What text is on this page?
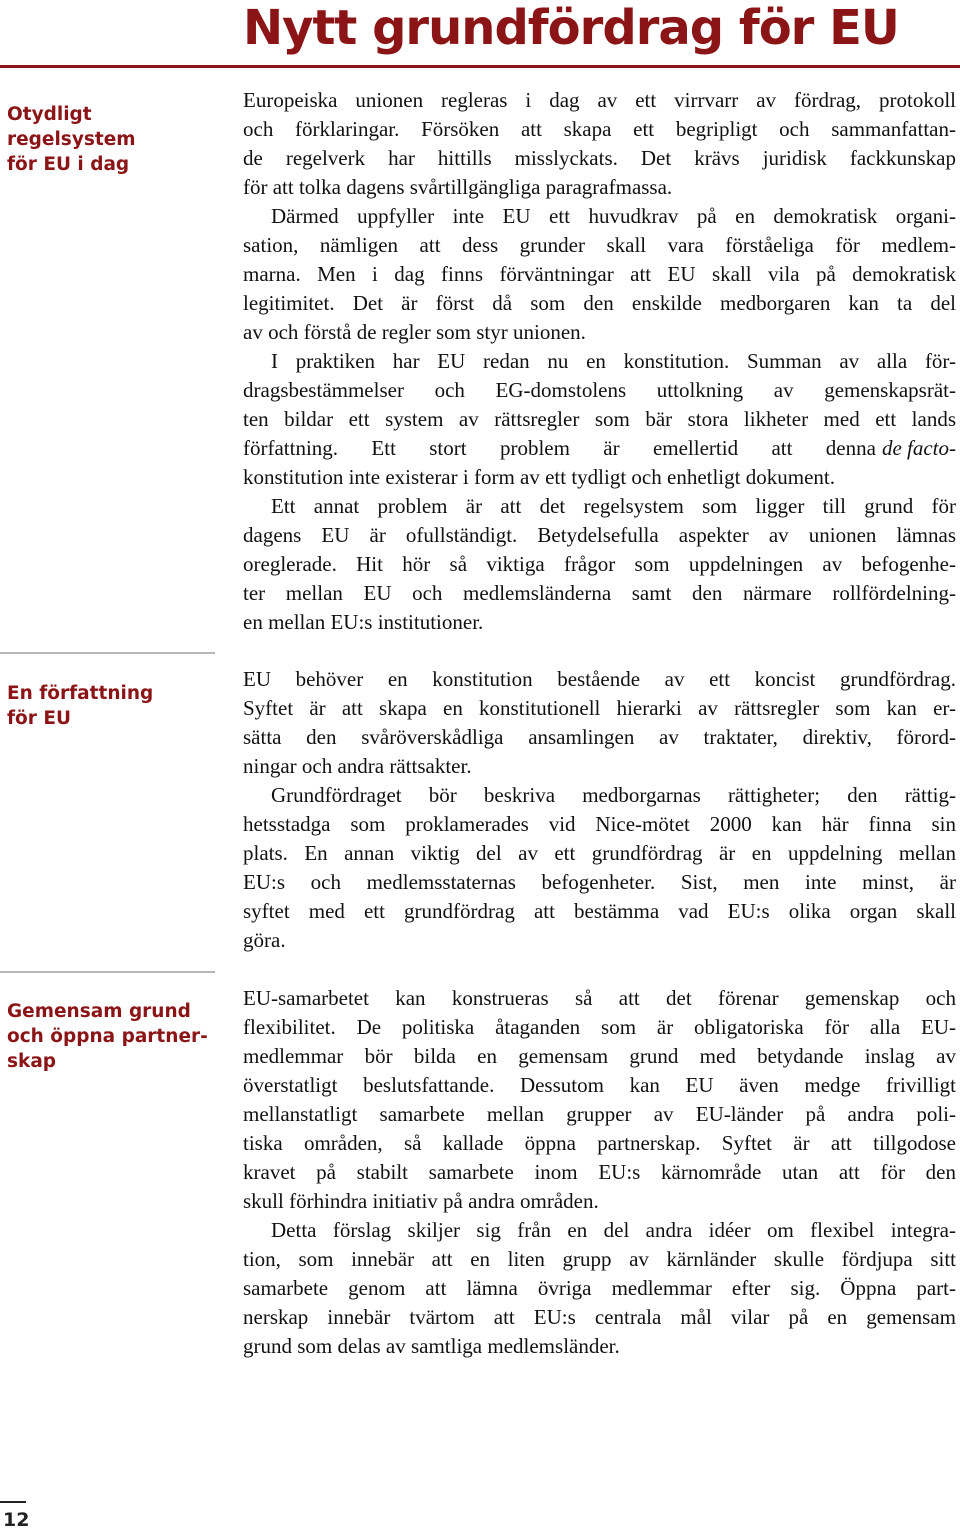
Nytt grundfördrag för EU
Otydligt
regelsystem
för EU i dag
En författning
för EU
Gemensam grund
och öppna partner-
skap
Europeiska unionen regleras i dag av ett virrvarr av fördrag, protokoll
och förklaringar. Försöken att skapa ett begripligt och sammanfattan-
de regelverk har hittills misslyckats. Det krävs juridisk fackkunskap
för att tolka dagens svårtillgängliga paragrafmassa.
Därmed uppfyller inte EU ett huvudkrav på en demokratisk organi-
sation, nämligen att dess grunder skall vara förståeliga för medlem-
marna. Men i dag finns förväntningar att EU skall vila på demokratisk
legitimitet. Det är först då som den enskilde medborgaren kan ta del
av och förstå de regler som styr unionen.
I praktiken har EU redan nu en konstitution. Summan av alla för-
dragsbestämmelser och EG-domstolens uttolkning av gemenskapsrät-
ten bildar ett system av rättsregler som bär stora likheter med ett lands
författning. Ett stort problem är emellertid att denna de facto-
konstitution inte existerar i form av ett tydligt och enhetligt dokument.
Ett annat problem är att det regelsystem som ligger till grund för
dagens EU är ofullständigt. Betydelsefulla aspekter av unionen lämnas
oreglerade. Hit hör så viktiga frågor som uppdelningen av befogenhe-
ter mellan EU och medlemsländerna samt den närmare rollfördelning-
en mellan EU:s institutioner.
EU behöver en konstitution bestående av ett koncist grundfördrag.
Syftet är att skapa en konstitutionell hierarki av rättsregler som kan er-
sätta den svåröverskådliga ansamlingen av traktater, direktiv, förord-
ningar och andra rättsakter.
Grundfördraget bör beskriva medborgarnas rättigheter; den rättig-
hetsstadga som proklamerades vid Nice-mötet 2000 kan här finna sin
plats. En annan viktig del av ett grundfördrag är en uppdelning mellan
EU:s och medlemsstaternas befogenheter. Sist, men inte minst, är
syftet med ett grundfördrag att bestämma vad EU:s olika organ skall
göra.
EU-samarbetet kan konstrueras så att det förenar gemenskap och
flexibilitet. De politiska åtaganden som är obligatoriska för alla EU-
medlemmar bör bilda en gemensam grund med betydande inslag av
överstatligt beslutsfattande. Dessutom kan EU även medge frivilligt
mellanstatligt samarbete mellan grupper av EU-länder på andra poli-
tiska områden, så kallade öppna partnerskap. Syftet är att tillgodose
kravet på stabilt samarbete inom EU:s kärnområde utan att för den
skull förhindra initiativ på andra områden.
Detta förslag skiljer sig från en del andra idéer om flexibel integra-
tion, som innebär att en liten grupp av kärnländer skulle fördjupa sitt
samarbete genom att lämna övriga medlemmar efter sig. Öppna part-
nerskap innebär tvärtom att EU:s centrala mål vilar på en gemensam
grund som delas av samtliga medlemsländer.
12
